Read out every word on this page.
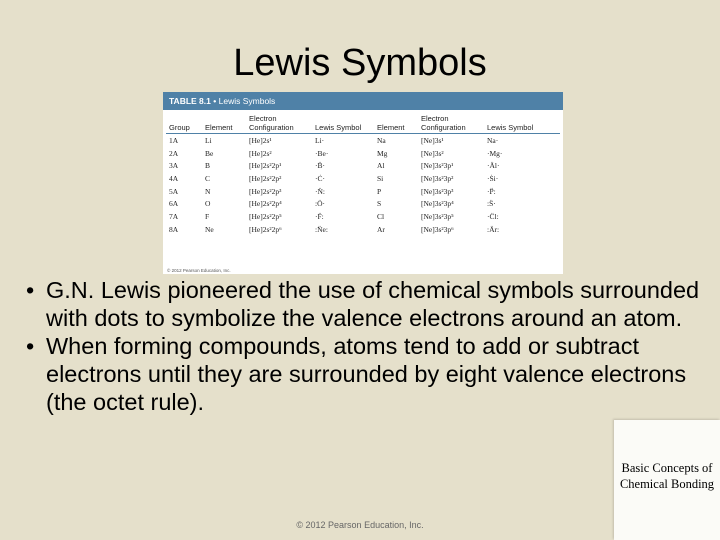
Lewis Symbols
TABLE 8.1 • Lewis Symbols
Group	Element	Electron Configuration	Lewis Symbol	Element	Electron Configuration	Lewis Symbol
1A	Li	[He]2s¹	Li·	Na	[Ne]3s¹	Na·
2A	Be	[He]2s²	·Be·	Mg	[Ne]3s²	·Mg·
3A	B	[He]2s²2p¹	·B̈·	Al	[Ne]3s²3p¹	·Äl·
4A	C	[He]2s²2p²	·Ċ·	Si	[Ne]3s²3p²	·Ṡi·
5A	N	[He]2s²2p³	·N̈:	P	[Ne]3s²3p³	·P̈:
6A	O	[He]2s²2p⁴	:Ö·	S	[Ne]3s²3p⁴	:S̈·
7A	F	[He]2s²2p⁵	·F̈:	Cl	[Ne]3s²3p⁵	·C̈l:
8A	Ne	[He]2s²2p⁶	:N̈e:	Ar	[Ne]3s²3p⁶	:Är:
© 2012 Pearson Education, Inc.
• G.N. Lewis pioneered the use of chemical symbols surrounded with dots to symbolize the valence electrons around an atom.
• When forming compounds, atoms tend to add or subtract electrons until they are surrounded by eight valence electrons (the octet rule).
Basic Concepts of Chemical Bonding
© 2012 Pearson Education, Inc.
